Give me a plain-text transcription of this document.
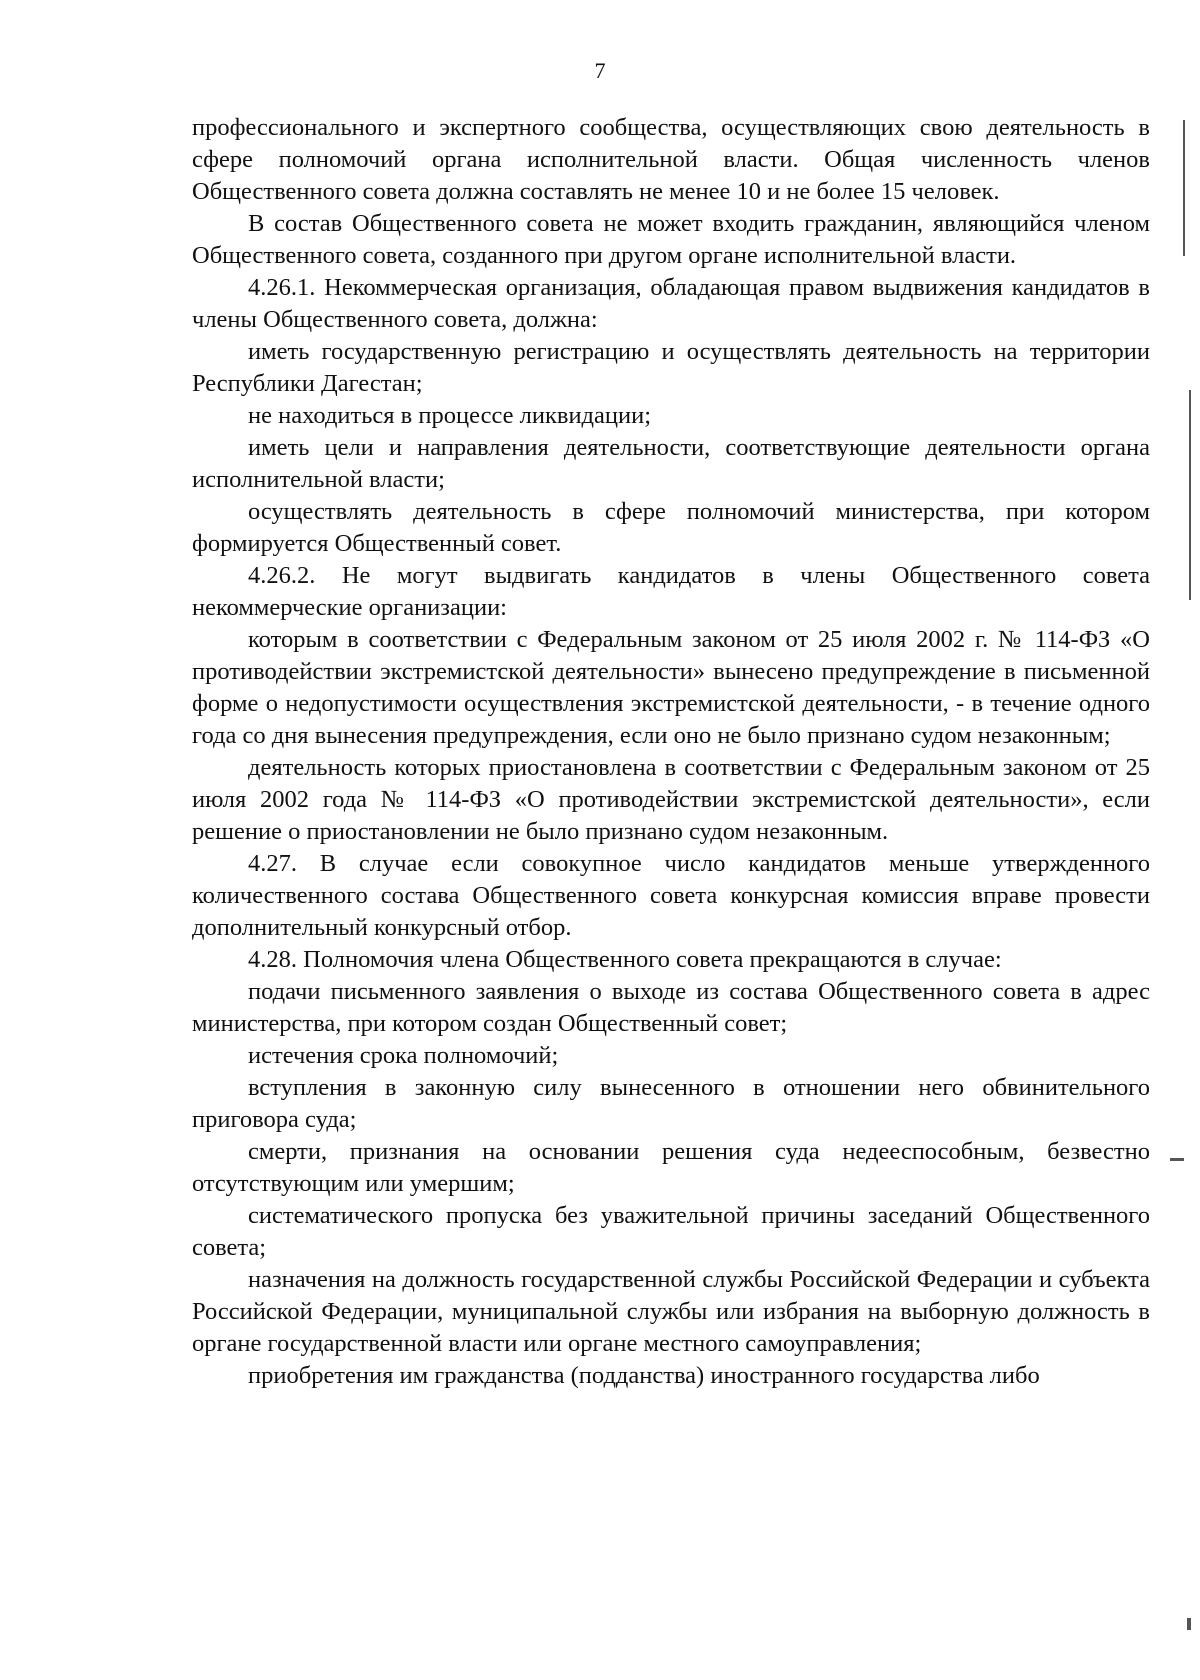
7

профессионального и экспертного сообщества, осуществляющих свою деятельность в сфере полномочий органа исполнительной власти. Общая численность членов Общественного совета должна составлять не менее 10 и не более 15 человек.

В состав Общественного совета не может входить гражданин, являющийся членом Общественного совета, созданного при другом органе исполнительной власти.

4.26.1. Некоммерческая организация, обладающая правом выдвижения кандидатов в члены Общественного совета, должна:

иметь государственную регистрацию и осуществлять деятельность на территории Республики Дагестан;

не находиться в процессе ликвидации;

иметь цели и направления деятельности, соответствующие деятельности органа исполнительной власти;

осуществлять деятельность в сфере полномочий министерства, при котором формируется Общественный совет.

4.26.2. Не могут выдвигать кандидатов в члены Общественного совета некоммерческие организации:

которым в соответствии с Федеральным законом от 25 июля 2002 г. № 114-ФЗ «О противодействии экстремистской деятельности» вынесено предупреждение в письменной форме о недопустимости осуществления экстремистской деятельности, - в течение одного года со дня вынесения предупреждения, если оно не было признано судом незаконным;

деятельность которых приостановлена в соответствии с Федеральным законом от 25 июля 2002 года № 114-ФЗ «О противодействии экстремистской деятельности», если решение о приостановлении не было признано судом незаконным.

4.27. В случае если совокупное число кандидатов меньше утвержденного количественного состава Общественного совета конкурсная комиссия вправе провести дополнительный конкурсный отбор.

4.28. Полномочия члена Общественного совета прекращаются в случае:

подачи письменного заявления о выходе из состава Общественного совета в адрес министерства, при котором создан Общественный совет;

истечения срока полномочий;

вступления в законную силу вынесенного в отношении него обвинительного приговора суда;

смерти, признания на основании решения суда недееспособным, безвестно отсутствующим или умершим;

систематического пропуска без уважительной причины заседаний Общественного совета;

назначения на должность государственной службы Российской Федерации и субъекта Российской Федерации, муниципальной службы или избрания на выборную должность в органе государственной власти или органе местного самоуправления;

приобретения им гражданства (подданства) иностранного государства либо
